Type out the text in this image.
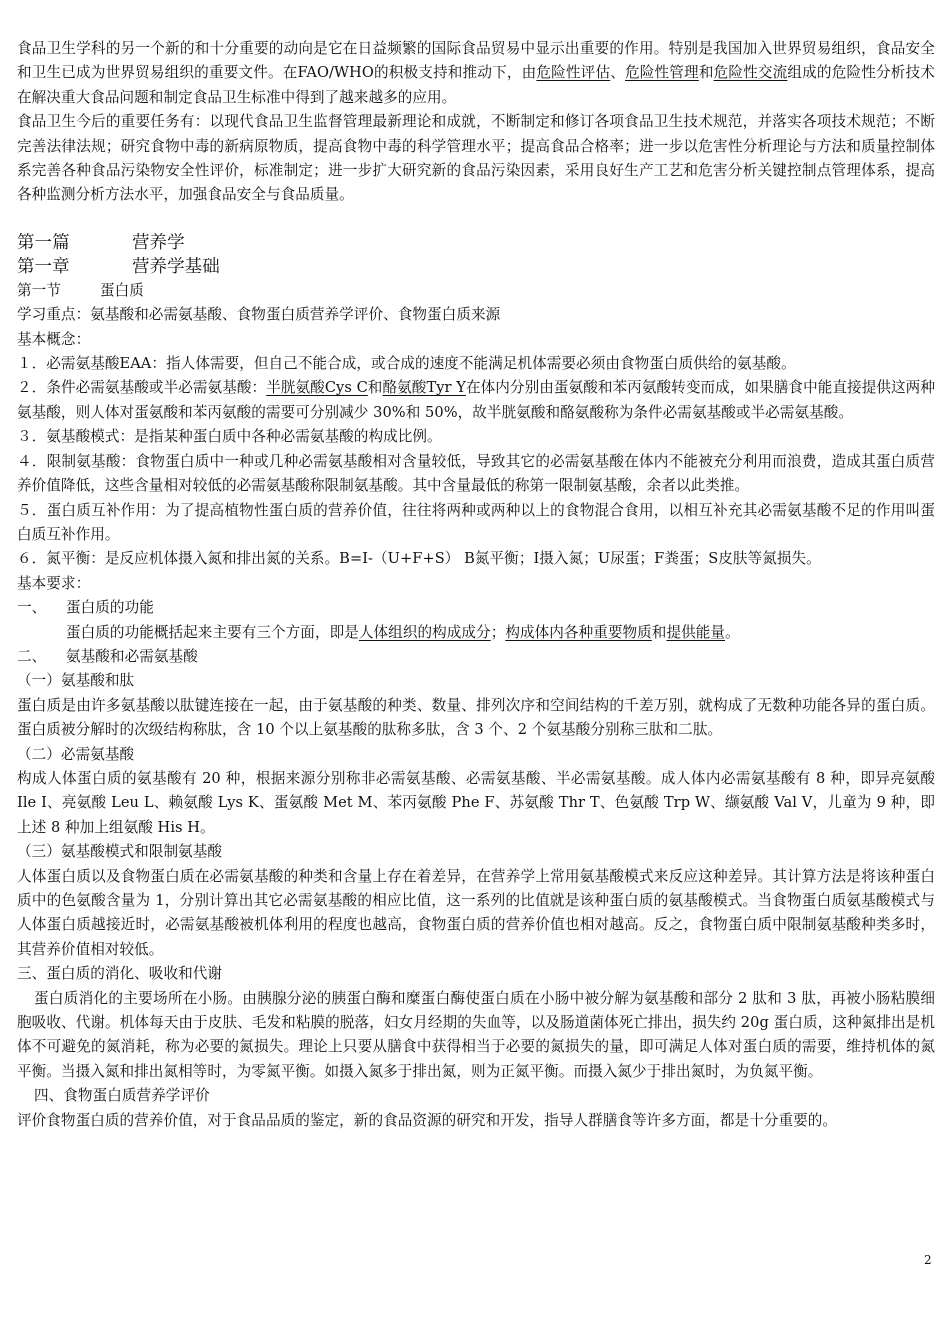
食品卫生学科的另一个新的和十分重要的动向是它在日益频繁的国际食品贸易中显示出重要的作用。特别是我国加入世界贸易组织，食品安全和卫生已成为世界贸易组织的重要文件。在FAO/WHO的积极支持和推动下，由危险性评估、危险性管理和危险性交流组成的危险性分析技术在解决重大食品问题和制定食品卫生标准中得到了越来越多的应用。

食品卫生今后的重要任务有：以现代食品卫生监督管理最新理论和成就，不断制定和修订各项食品卫生技术规范，并落实各项技术规范；不断完善法律法规；研究食物中毒的新病原物质，提高食物中毒的科学管理水平；提高食品合格率；进一步以危害性分析理论与方法和质量控制体系完善各种食品污染物安全性评价，标准制定；进一步扩大研究新的食品污染因素，采用良好生产工艺和危害分析关键控制点管理体系，提高各种监测分析方法水平，加强食品安全与食品质量。

第一篇	营养学

第一章	营养学基础

第一节	蛋白质

学习重点：氨基酸和必需氨基酸、食物蛋白质营养学评价、食物蛋白质来源

基本概念：

１．必需氨基酸EAA：指人体需要，但自己不能合成，或合成的速度不能满足机体需要必须由食物蛋白质供给的氨基酸。

２．条件必需氨基酸或半必需氨基酸：半胱氨酸Cys C和酪氨酸Tyr Y在体内分别由蛋氨酸和苯丙氨酸转变而成，如果膳食中能直接提供这两种氨基酸，则人体对蛋氨酸和苯丙氨酸的需要可分别减少 30%和 50%，故半胱氨酸和酪氨酸称为条件必需氨基酸或半必需氨基酸。

３．氨基酸模式：是指某种蛋白质中各种必需氨基酸的构成比例。

４．限制氨基酸：食物蛋白质中一种或几种必需氨基酸相对含量较低，导致其它的必需氨基酸在体内不能被充分利用而浪费，造成其蛋白质营养价值降低，这些含量相对较低的必需氨基酸称限制氨基酸。其中含量最低的称第一限制氨基酸，余者以此类推。

５．蛋白质互补作用：为了提高植物性蛋白质的营养价值，往往将两种或两种以上的食物混合食用，以相互补充其必需氨基酸不足的作用叫蛋白质互补作用。

６．氮平衡：是反应机体摄入氮和排出氮的关系。B=I-（U+F+S） B氮平衡；I摄入氮；U尿蛋；F粪蛋；S皮肤等氮损失。

基本要求：

一、 蛋白质的功能

蛋白质的功能概括起来主要有三个方面，即是人体组织的构成成分；构成体内各种重要物质和提供能量。

二、 氨基酸和必需氨基酸

（一）氨基酸和肽

蛋白质是由许多氨基酸以肽键连接在一起，由于氨基酸的种类、数量、排列次序和空间结构的千差万别，就构成了无数种功能各异的蛋白质。蛋白质被分解时的次级结构称肽，含 10 个以上氨基酸的肽称多肽，含 3 个、2 个氨基酸分别称三肽和二肽。

（二）必需氨基酸

构成人体蛋白质的氨基酸有 20 种，根据来源分别称非必需氨基酸、必需氨基酸、半必需氨基酸。成人体内必需氨基酸有 8 种，即异亮氨酸 Ile I、亮氨酸 Leu L、赖氨酸 Lys K、蛋氨酸 Met M、苯丙氨酸 Phe F、苏氨酸 Thr T、色氨酸 Trp W、缬氨酸 Val V，儿童为 9 种，即上述 8 种加上组氨酸 His H。

（三）氨基酸模式和限制氨基酸

人体蛋白质以及食物蛋白质在必需氨基酸的种类和含量上存在着差异，在营养学上常用氨基酸模式来反应这种差异。其计算方法是将该种蛋白质中的色氨酸含量为 1，分别计算出其它必需氨基酸的相应比值，这一系列的比值就是该种蛋白质的氨基酸模式。当食物蛋白质氨基酸模式与人体蛋白质越接近时，必需氨基酸被机体利用的程度也越高，食物蛋白质的营养价值也相对越高。反之，食物蛋白质中限制氨基酸种类多时，其营养价值相对较低。

三、蛋白质的消化、吸收和代谢

蛋白质消化的主要场所在小肠。由胰腺分泌的胰蛋白酶和糜蛋白酶使蛋白质在小肠中被分解为氨基酸和部分 2 肽和 3 肽，再被小肠粘膜细胞吸收、代谢。机体每天由于皮肤、毛发和粘膜的脱落，妇女月经期的失血等，以及肠道菌体死亡排出，损失约 20g 蛋白质，这种氮排出是机体不可避免的氮消耗，称为必要的氮损失。理论上只要从膳食中获得相当于必要的氮损失的量，即可满足人体对蛋白质的需要，维持机体的氮平衡。当摄入氮和排出氮相等时，为零氮平衡。如摄入氮多于排出氮，则为正氮平衡。而摄入氮少于排出氮时，为负氮平衡。

四、食物蛋白质营养学评价

评价食物蛋白质的营养价值，对于食品品质的鉴定，新的食品资源的研究和开发，指导人群膳食等许多方面，都是十分重要的。

2
